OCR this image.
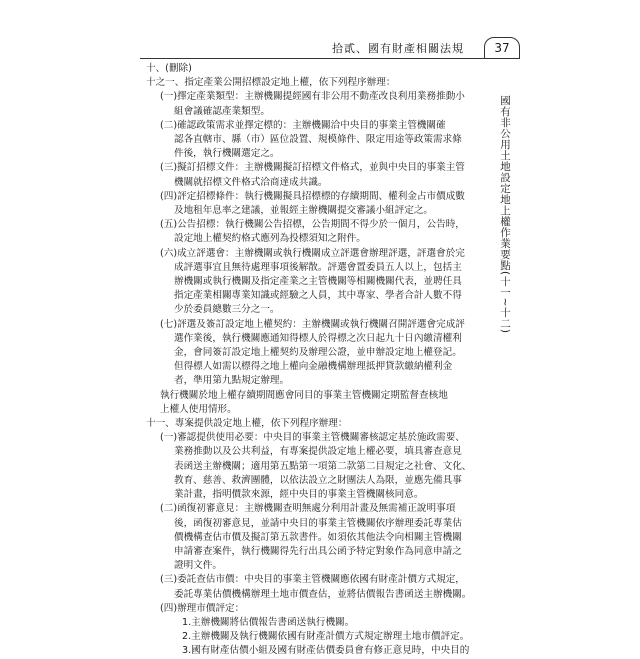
拾貳、國有財產相關法規	37
國有非公用土地設定地上權作業要點(十一~十二)
十、(刪除)
十之一、指定產業公開招標設定地上權，依下列程序辦理：
(一)擇定產業類型：主辦機關提經國有非公用不動產改良利用業務推動小
組會議確認產業類型。
(二)確認政策需求並擇定標的：主辦機關洽中央目的事業主管機關確
認各直轄市、縣（市）區位設置、規模條件、限定用途等政策需求條
件後，執行機關選定之。
(三)擬訂招標文件：主辦機關擬訂招標文件格式，並與中央目的事業主管
機關就招標文件格式洽商達成共識。
(四)評定招標條件：執行機關擬具招標標的存續期間、權利金占市價成數
及地租年息率之建議，並報經主辦機關提交審議小組評定之。
(五)公告招標：執行機關公告招標，公告期間不得少於一個月，公告時，
設定地上權契約格式應列為投標須知之附件。
(六)成立評選會：主辦機關或執行機關成立評選會辦理評選，評選會於完
成評選事宜且無待處理事項後解散。評選會置委員五人以上，包括主
辦機關或執行機關及指定產業之主管機關等相關機關代表，並聘任具
指定產業相關專業知識或經驗之人員，其中專家、學者合計人數不得
少於委員總數三分之一。
(七)評選及簽訂設定地上權契約：主辦機關或執行機關召開評選會完成評
選作業後，執行機關應通知得標人於得標之次日起九十日內繳清權利
金，會同簽訂設定地上權契約及辦理公證，並申辦設定地上權登記。
但得標人如需以標得之地上權向金融機構辦理抵押貸款繳納權利金
者，準用第九點規定辦理。
執行機關於地上權存續期間應會同目的事業主管機關定期監督查核地
上權人使用情形。
十一、專案提供設定地上權，依下列程序辦理：
(一)審認提供使用必要：中央目的事業主管機關審核認定基於施政需要、
業務推動以及公共利益，有專案提供設定地上權必要，填具審查意見
表函送主辦機關；適用第五點第一項第二款第二目規定之社會、文化、
教育、慈善、救濟團體，以依法設立之財團法人為限，並應先備具事
業計畫，指明價款來源，經中央目的事業主管機關核同意。
(二)函復初審意見：主辦機關查明無處分利用計畫及無需補正說明事項
後，函復初審意見，並請中央目的事業主管機關依序辦理委託專業估
價機構查估市價及擬訂第五款書件。如須依其他法令向相關主管機關
申請審查案件，執行機關得先行出具公函予特定對象作為同意申請之
證明文件。
(三)委託查估市價：中央目的事業主管機關應依國有財產計價方式規定，
委託專業估價機構辦理土地市價查估，並將估價報告書函送主辦機關。
(四)辦理市價評定：
1.主辦機關將估價報告書函送執行機關。
2.主辦機關及執行機關依國有財產計價方式規定辦理土地市價評定。
3.國有財產估價小組及國有財產估價委員會有修正意見時，中央目的
